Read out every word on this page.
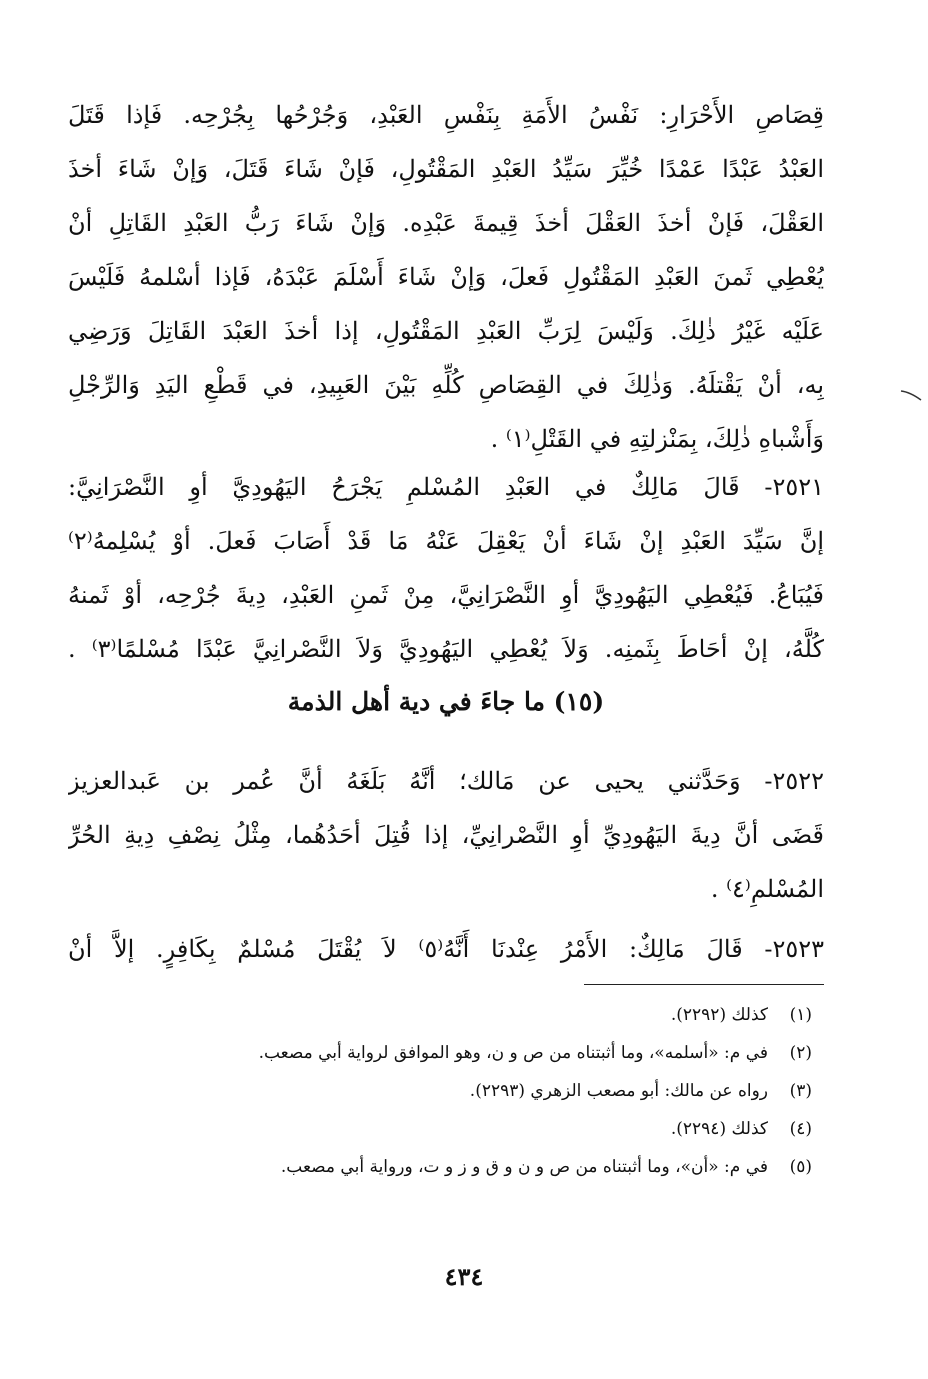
قِصَاصِ الأَحْرَارِ: نَفْسُ الأَمَةِ بِنَفْسِ العَبْدِ، وَجُرْحُها بِجُرْحِه. فَإذا قَتَلَ
العَبْدُ عَبْدًا عَمْدًا خُيِّرَ سَيِّدُ العَبْدِ المَقْتُولِ، فَإنْ شَاءَ قَتَلَ، وَإنْ شَاءَ أخذَ
العَقْلَ، فَإنْ أخذَ العَقْلَ أخذَ قِيمةَ عَبْدِه. وَإنْ شَاءَ رَبُّ العَبْدِ القَاتِلِ أنْ
يُعْطِي ثَمنَ العَبْدِ المَقْتُولِ فَعلَ، وَإنْ شَاءَ أَسْلَمَ عَبْدَهُ، فَإذا أسْلمهُ فَلَيْسَ
عَلَيْه غَيْرُ ذٰلِكَ. وَلَيْسَ لِرَبِّ العَبْدِ المَقْتُولِ، إذا أخذَ العَبْدَ القَاتِلَ وَرَضِي
بِه، أنْ يَقْتلَهُ. وَذٰلِكَ في القِصَاصِ كُلِّهِ بَيْنَ العَبِيدِ، في قَطْعِ اليَدِ وَالرِّجْلِ
وَأَشْباهِ ذٰلِكَ، بِمَنْزلتِهِ في القَتْلِ⁽١⁾ .
٢٥٢١- قَالَ مَالِكٌ في العَبْدِ المُسْلمِ يَجْرَحُ اليَهُودِيَّ أوِ النَّصْرَانِيَّ:
إنَّ سَيِّدَ العَبْدِ إنْ شَاءَ أنْ يَعْقِلَ عَنْهُ مَا قَدْ أَصَابَ فَعلَ. أوْ يُسْلِمهُ⁽٢⁾
فَيُبَاعُ. فَيُعْطِي اليَهُودِيَّ أوِ النَّصْرَانِيَّ، مِنْ ثَمنِ العَبْدِ، دِيةَ جُرْحِه، أوْ ثَمنهُ
كُلَّهُ، إنْ أحَاطَ بِثَمنِه. وَلاَ يُعْطِي اليَهُودِيَّ وَلاَ النَّصْرانِيَّ عَبْدًا مُسْلمًا⁽٣⁾ .
(١٥) ما جاءَ في دية أهل الذمة
٢٥٢٢- وَحَدَّثني يحيى عن مَالك؛ أنَّهُ بَلَغَهُ أنَّ عُمر بن عَبدالعزيز
قَضَى أنَّ دِيةَ اليَهُودِيِّ أوِ النَّصْرانِيِّ، إذا قُتِلَ أحَدُهُما، مِثْلُ نِصْفِ دِيةِ الحُرِّ
المُسْلمِ⁽٤⁾ .
٢٥٢٣- قَالَ مَالِكٌ: الأَمْرُ عِنْدنَا أَنَّهُ⁽٥⁾ لاَ يُقْتَلَ مُسْلمٌ بِكَافِرٍ. إلاَّ أنْ
(١)
كذلك (٢٢٩٢).
(٢)
في م: «أسلمه»، وما أثبتناه من ص و ن، وهو الموافق لرواية أبي مصعب.
(٣)
رواه عن مالك: أبو مصعب الزهري (٢٢٩٣).
(٤)
كذلك (٢٢٩٤).
(٥)
في م: «أن»، وما أثبتناه من ص و ن و ق و ز و ت، ورواية أبي مصعب.
٤٣٤
